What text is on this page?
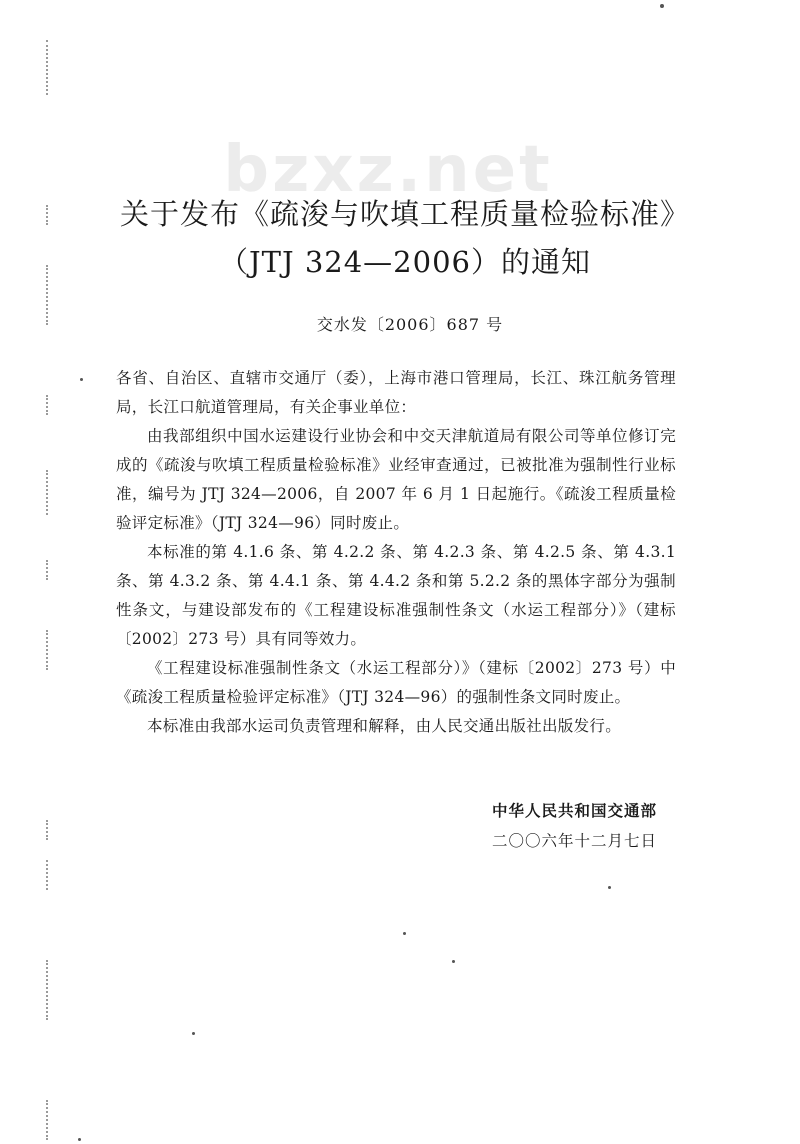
bzxz.net
关于发布《疏浚与吹填工程质量检验标准》
（JTJ 324—2006）的通知
交水发〔2006〕687 号

各省、自治区、直辖市交通厅（委），上海市港口管理局，长江、珠江航务管理局，长江口航道管理局，有关企事业单位：

由我部组织中国水运建设行业协会和中交天津航道局有限公司等单位修订完成的《疏浚与吹填工程质量检验标准》业经审查通过，已被批准为强制性行业标准，编号为 JTJ 324—2006，自 2007 年 6 月 1 日起施行。《疏浚工程质量检验评定标准》（JTJ 324—96）同时废止。

本标准的第 4.1.6 条、第 4.2.2 条、第 4.2.3 条、第 4.2.5 条、第 4.3.1 条、第 4.3.2 条、第 4.4.1 条、第 4.4.2 条和第 5.2.2 条的黑体字部分为强制性条文，与建设部发布的《工程建设标准强制性条文（水运工程部分）》（建标〔2002〕273 号）具有同等效力。

《工程建设标准强制性条文（水运工程部分）》（建标〔2002〕273 号）中《疏浚工程质量检验评定标准》（JTJ 324—96）的强制性条文同时废止。

本标准由我部水运司负责管理和解释，由人民交通出版社出版发行。

中华人民共和国交通部
二〇〇六年十二月七日
